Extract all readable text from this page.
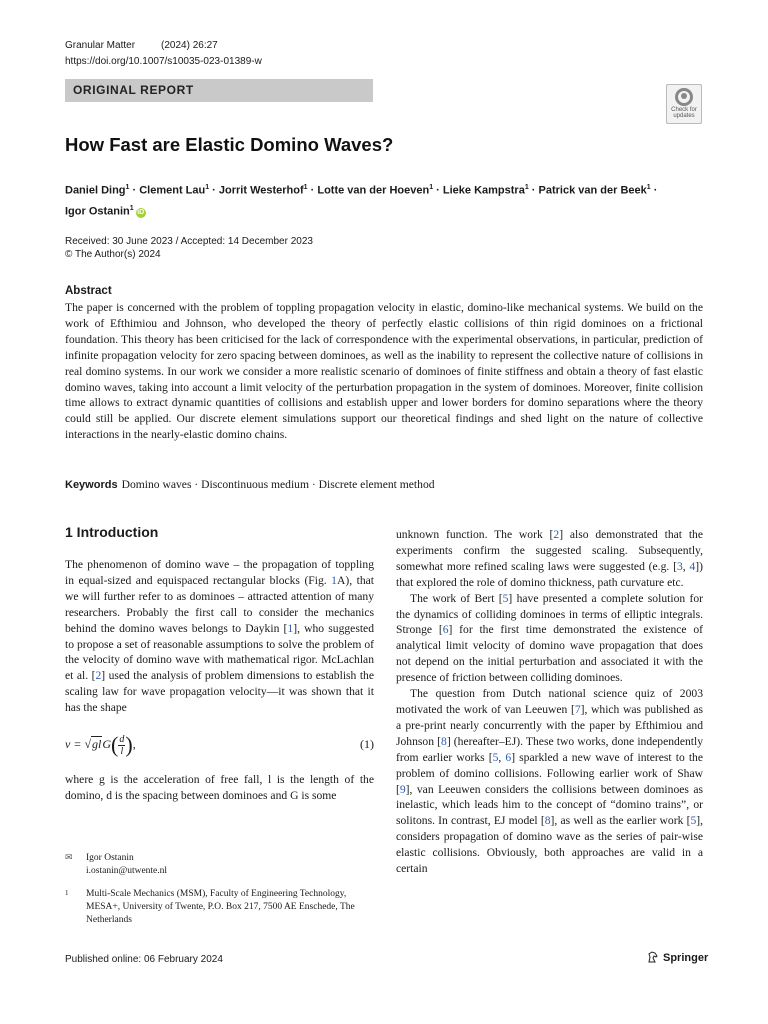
Granular Matter	(2024) 26:27
https://doi.org/10.1007/s10035-023-01389-w
ORIGINAL REPORT
Check for
updates
How Fast are Elastic Domino Waves?
Daniel Ding$^1$ · Clement Lau$^1$ · Jorrit Westerhof$^1$ · Lotte van der Hoeven$^1$ · Lieke Kampstra$^1$ · Patrick van der Beek$^1$ ·
Igor Ostanin$^1$iD
Received: 30 June 2023 / Accepted: 14 December 2023
© The Author(s) 2024
Abstract

The paper is concerned with the problem of toppling propagation velocity in elastic, domino-like mechanical systems. We build on the work of Efthimiou and Johnson, who developed the theory of perfectly elastic collisions of thin rigid dominoes on a frictional foundation. This theory has been criticised for the lack of correspondence with the experimental observations, in particular, prediction of infinite propagation velocity for zero spacing between dominoes, as well as the inability to represent the collective nature of collisions in real domino systems. In our work we consider a more realistic scenario of dominoes of finite stiffness and obtain a theory of fast elastic domino waves, taking into account a limit velocity of the perturbation propagation in the system of dominoes. Moreover, finite collision time allows to extract dynamic quantities of collisions and establish upper and lower borders for domino separations where the theory could still be applied. Our discrete element simulations support our theoretical findings and shed light on the nature of collective interactions in the nearly-elastic domino chains.

Keywords Domino waves · Discontinuous medium · Discrete element method
1 Introduction

The phenomenon of domino wave – the propagation of toppling in equal-sized and equispaced rectangular blocks (Fig. 1A), that we will further refer to as dominoes – attracted attention of many researchers. Probably the first call to consider the mechanics behind the domino waves belongs to Daykin [1], who suggested to propose a set of reasonable assumptions to solve the problem of the velocity of domino wave with mathematical rigor. McLachlan et al. [2] used the analysis of problem dimensions to establish the scaling law for wave propagation velocity—it was shown that it has the shape

$v = √glG( \frac{d}{l}$ ),	(1)

where g is the acceleration of free fall, l is the length of the domino, d is the spacing between dominoes and G is some

unknown function. The work [2] also demonstrated that the experiments confirm the suggested scaling. Subsequently, somewhat more refined scaling laws were suggested (e.g. [3, 4]) that explored the role of domino thickness, path curvature etc.

The work of Bert [5] have presented a complete solution for the dynamics of colliding dominoes in terms of elliptic integrals. Stronge [6] for the first time demonstrated the existence of analytical limit velocity of domino wave propagation that does not depend on the initial perturbation and associated it with the presence of friction between colliding dominoes.

The question from Dutch national science quiz of 2003 motivated the work of van Leeuwen [7], which was published as a pre-print nearly concurrently with the paper by Efthimiou and Johnson [8] (hereafter–EJ). These two works, done independently from earlier works [5, 6] sparkled a new wave of interest to the problem of domino collisions. Following earlier work of Shaw [9], van Leeuwen considers the collisions between dominoes as inelastic, which leads him to the concept of “domino trains”, or solitons. In contrast, EJ model [8], as well as the earlier work [5], considers propagation of domino wave as the series of pair-wise elastic collisions. Obviously, both approaches are valid in a certain

✉ Igor Ostanin
i.ostanin@utwente.nl
1	Multi-Scale Mechanics (MSM), Faculty of Engineering Technology, MESA+, University of Twente, P.O. Box 217, 7500 AE Enschede, The Netherlands
Published online: 06 February 2024	Springer
